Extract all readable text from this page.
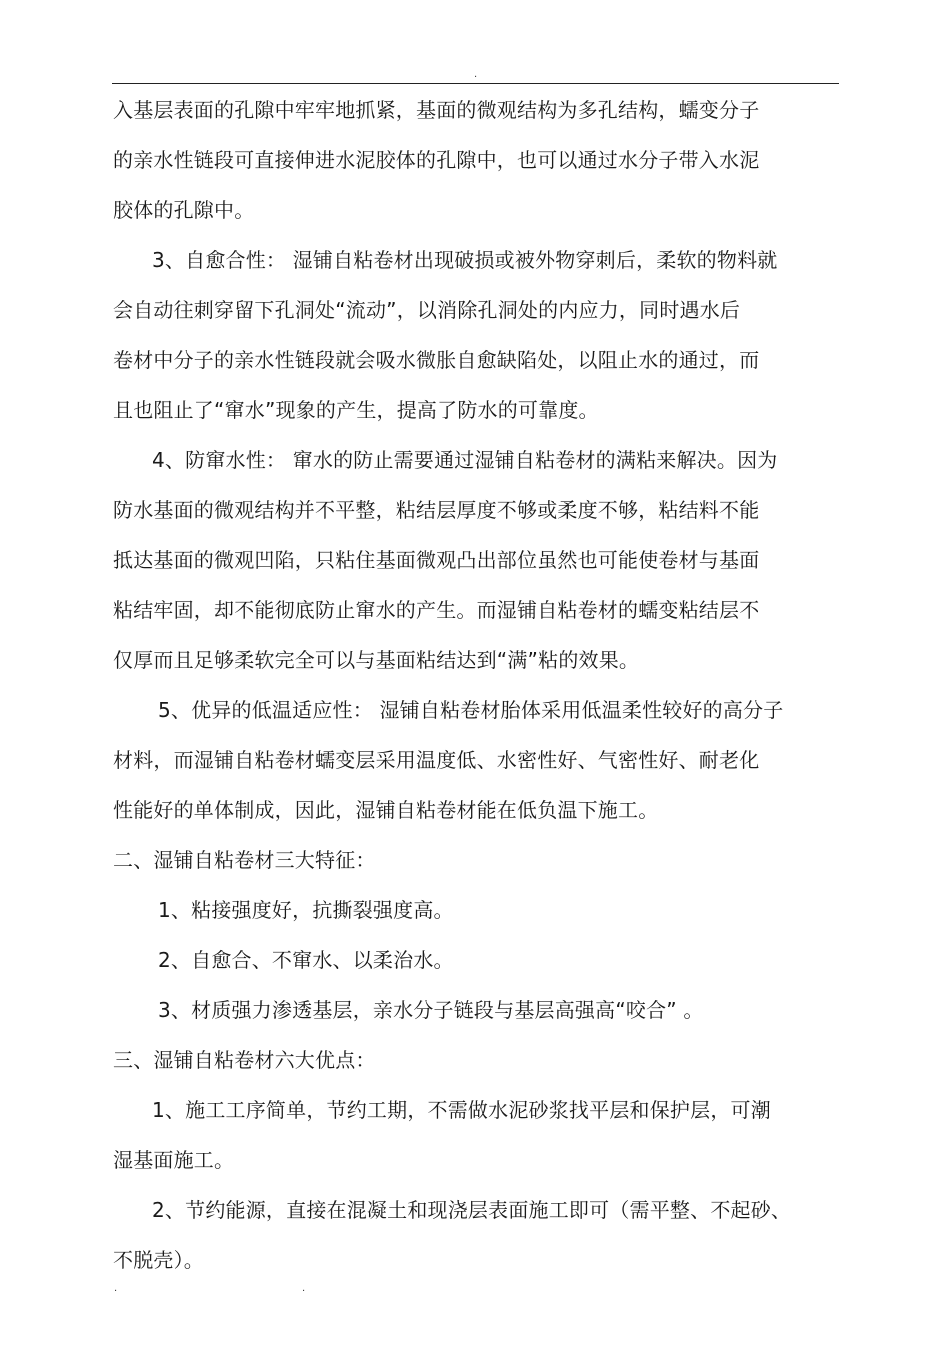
.
入基层表面的孔隙中牢牢地抓紧，基面的微观结构为多孔结构，蠕变分子
的亲水性链段可直接伸进水泥胶体的孔隙中，也可以通过水分子带入水泥
胶体的孔隙中。
3、自愈合性： 湿铺自粘卷材出现破损或被外物穿刺后，柔软的物料就
会自动往刺穿留下孔洞处“流动”，以消除孔洞处的内应力，同时遇水后
卷材中分子的亲水性链段就会吸水微胀自愈缺陷处，以阻止水的通过，而
且也阻止了“窜水”现象的产生，提高了防水的可靠度。
4、防窜水性： 窜水的防止需要通过湿铺自粘卷材的满粘来解决。因为
防水基面的微观结构并不平整，粘结层厚度不够或柔度不够，粘结料不能
抵达基面的微观凹陷，只粘住基面微观凸出部位虽然也可能使卷材与基面
粘结牢固，却不能彻底防止窜水的产生。而湿铺自粘卷材的蠕变粘结层不
仅厚而且足够柔软完全可以与基面粘结达到“满”粘的效果。
5、优异的低温适应性： 湿铺自粘卷材胎体采用低温柔性较好的高分子
材料，而湿铺自粘卷材蠕变层采用温度低、水密性好、气密性好、耐老化
性能好的单体制成，因此，湿铺自粘卷材能在低负温下施工。
二、湿铺自粘卷材三大特征：
1、粘接强度好，抗撕裂强度高。
2、自愈合、不窜水、以柔治水。
3、材质强力渗透基层，亲水分子链段与基层高强高“咬合” 。
三、湿铺自粘卷材六大优点：
1、施工工序简单，节约工期，不需做水泥砂浆找平层和保护层，可潮
湿基面施工。
2、节约能源，直接在混凝土和现浇层表面施工即可（需平整、不起砂、
不脱壳）。
.	.
